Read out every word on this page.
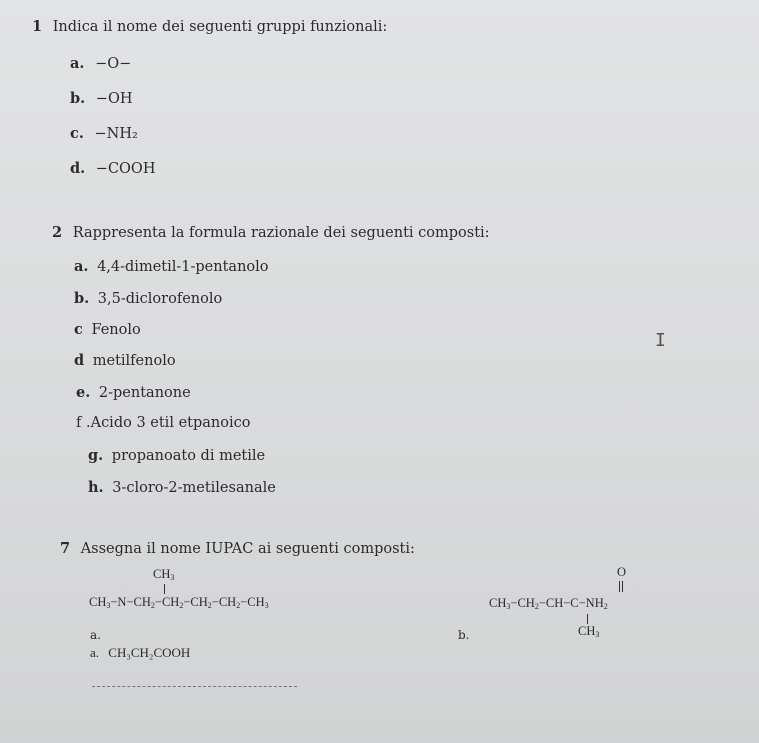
1 Indica il nome dei seguenti gruppi funzionali:
a. −O−
b. −OH
c. −NH₂
d. −COOH
2 Rappresenta la formula razionale dei seguenti composti:
a. 4,4-dimetil-1-pentanolo
b. 3,5-diclorofenolo
c Fenolo
d metilfenolo
e. 2-pentanone
f .Acido 3 etil etpanoico
g. propanoato di metile
h. 3-cloro-2-metilesanale
I
7 Assegna il nome IUPAC ai seguenti composti:
$CH_3$
$CH_3-N-CH_2-CH_2-CH_2-CH_2-CH_3$
a.
O
$CH_3-CH_2-CH-C-NH_2$
$CH_3$
b.
a. CH₃CH₂COOH
